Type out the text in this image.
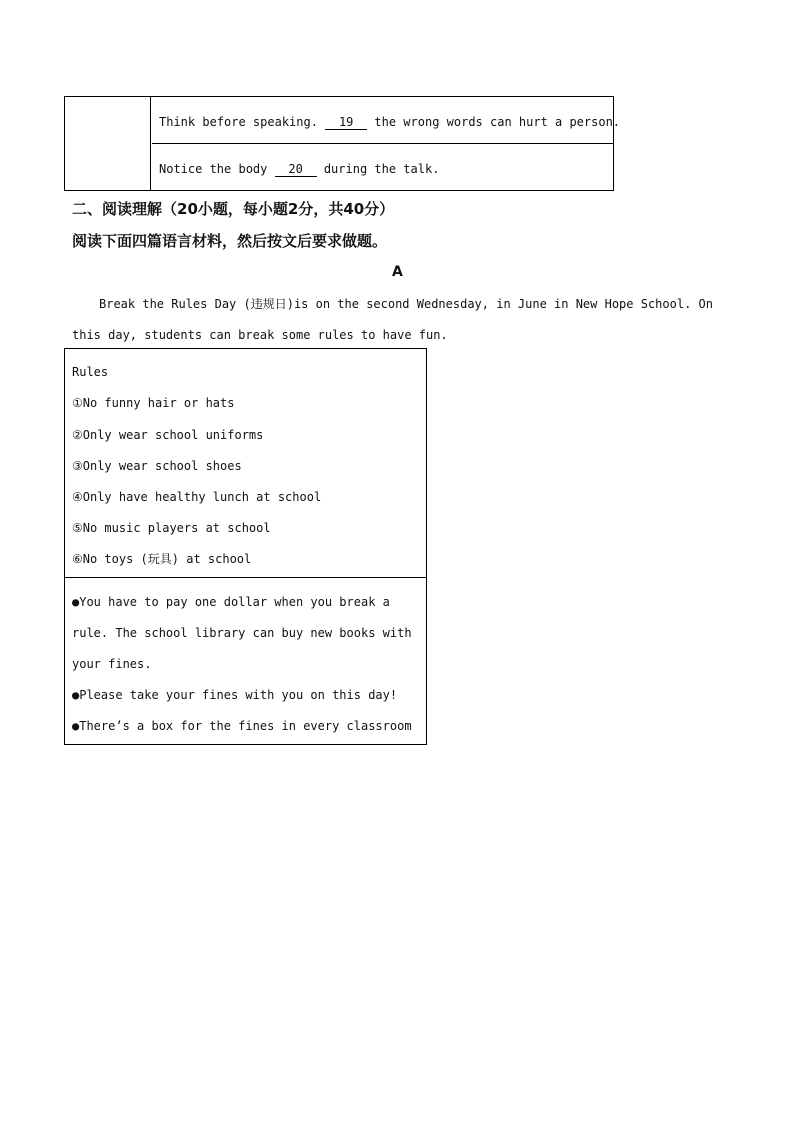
Think before speaking. 19 the wrong words can hurt a person.
Notice the body 20 during the talk.
二、阅读理解（20小题，每小题2分，共40分）
阅读下面四篇语言材料，然后按文后要求做题。
A
Break the Rules Day (违规日)is on the second Wednesday, in June in New Hope School. On
this day, students can break some rules to have fun.
Rules
①No funny hair or hats
②Only wear school uniforms
③Only wear school shoes
④Only have healthy lunch at school
⑤No music players at school
⑥No toys (玩具) at school
●You have to pay one dollar when you break a
rule. The school library can buy new books with
your fines.
●Please take your fines with you on this day!
●There’s a box for the fines in every classroom
